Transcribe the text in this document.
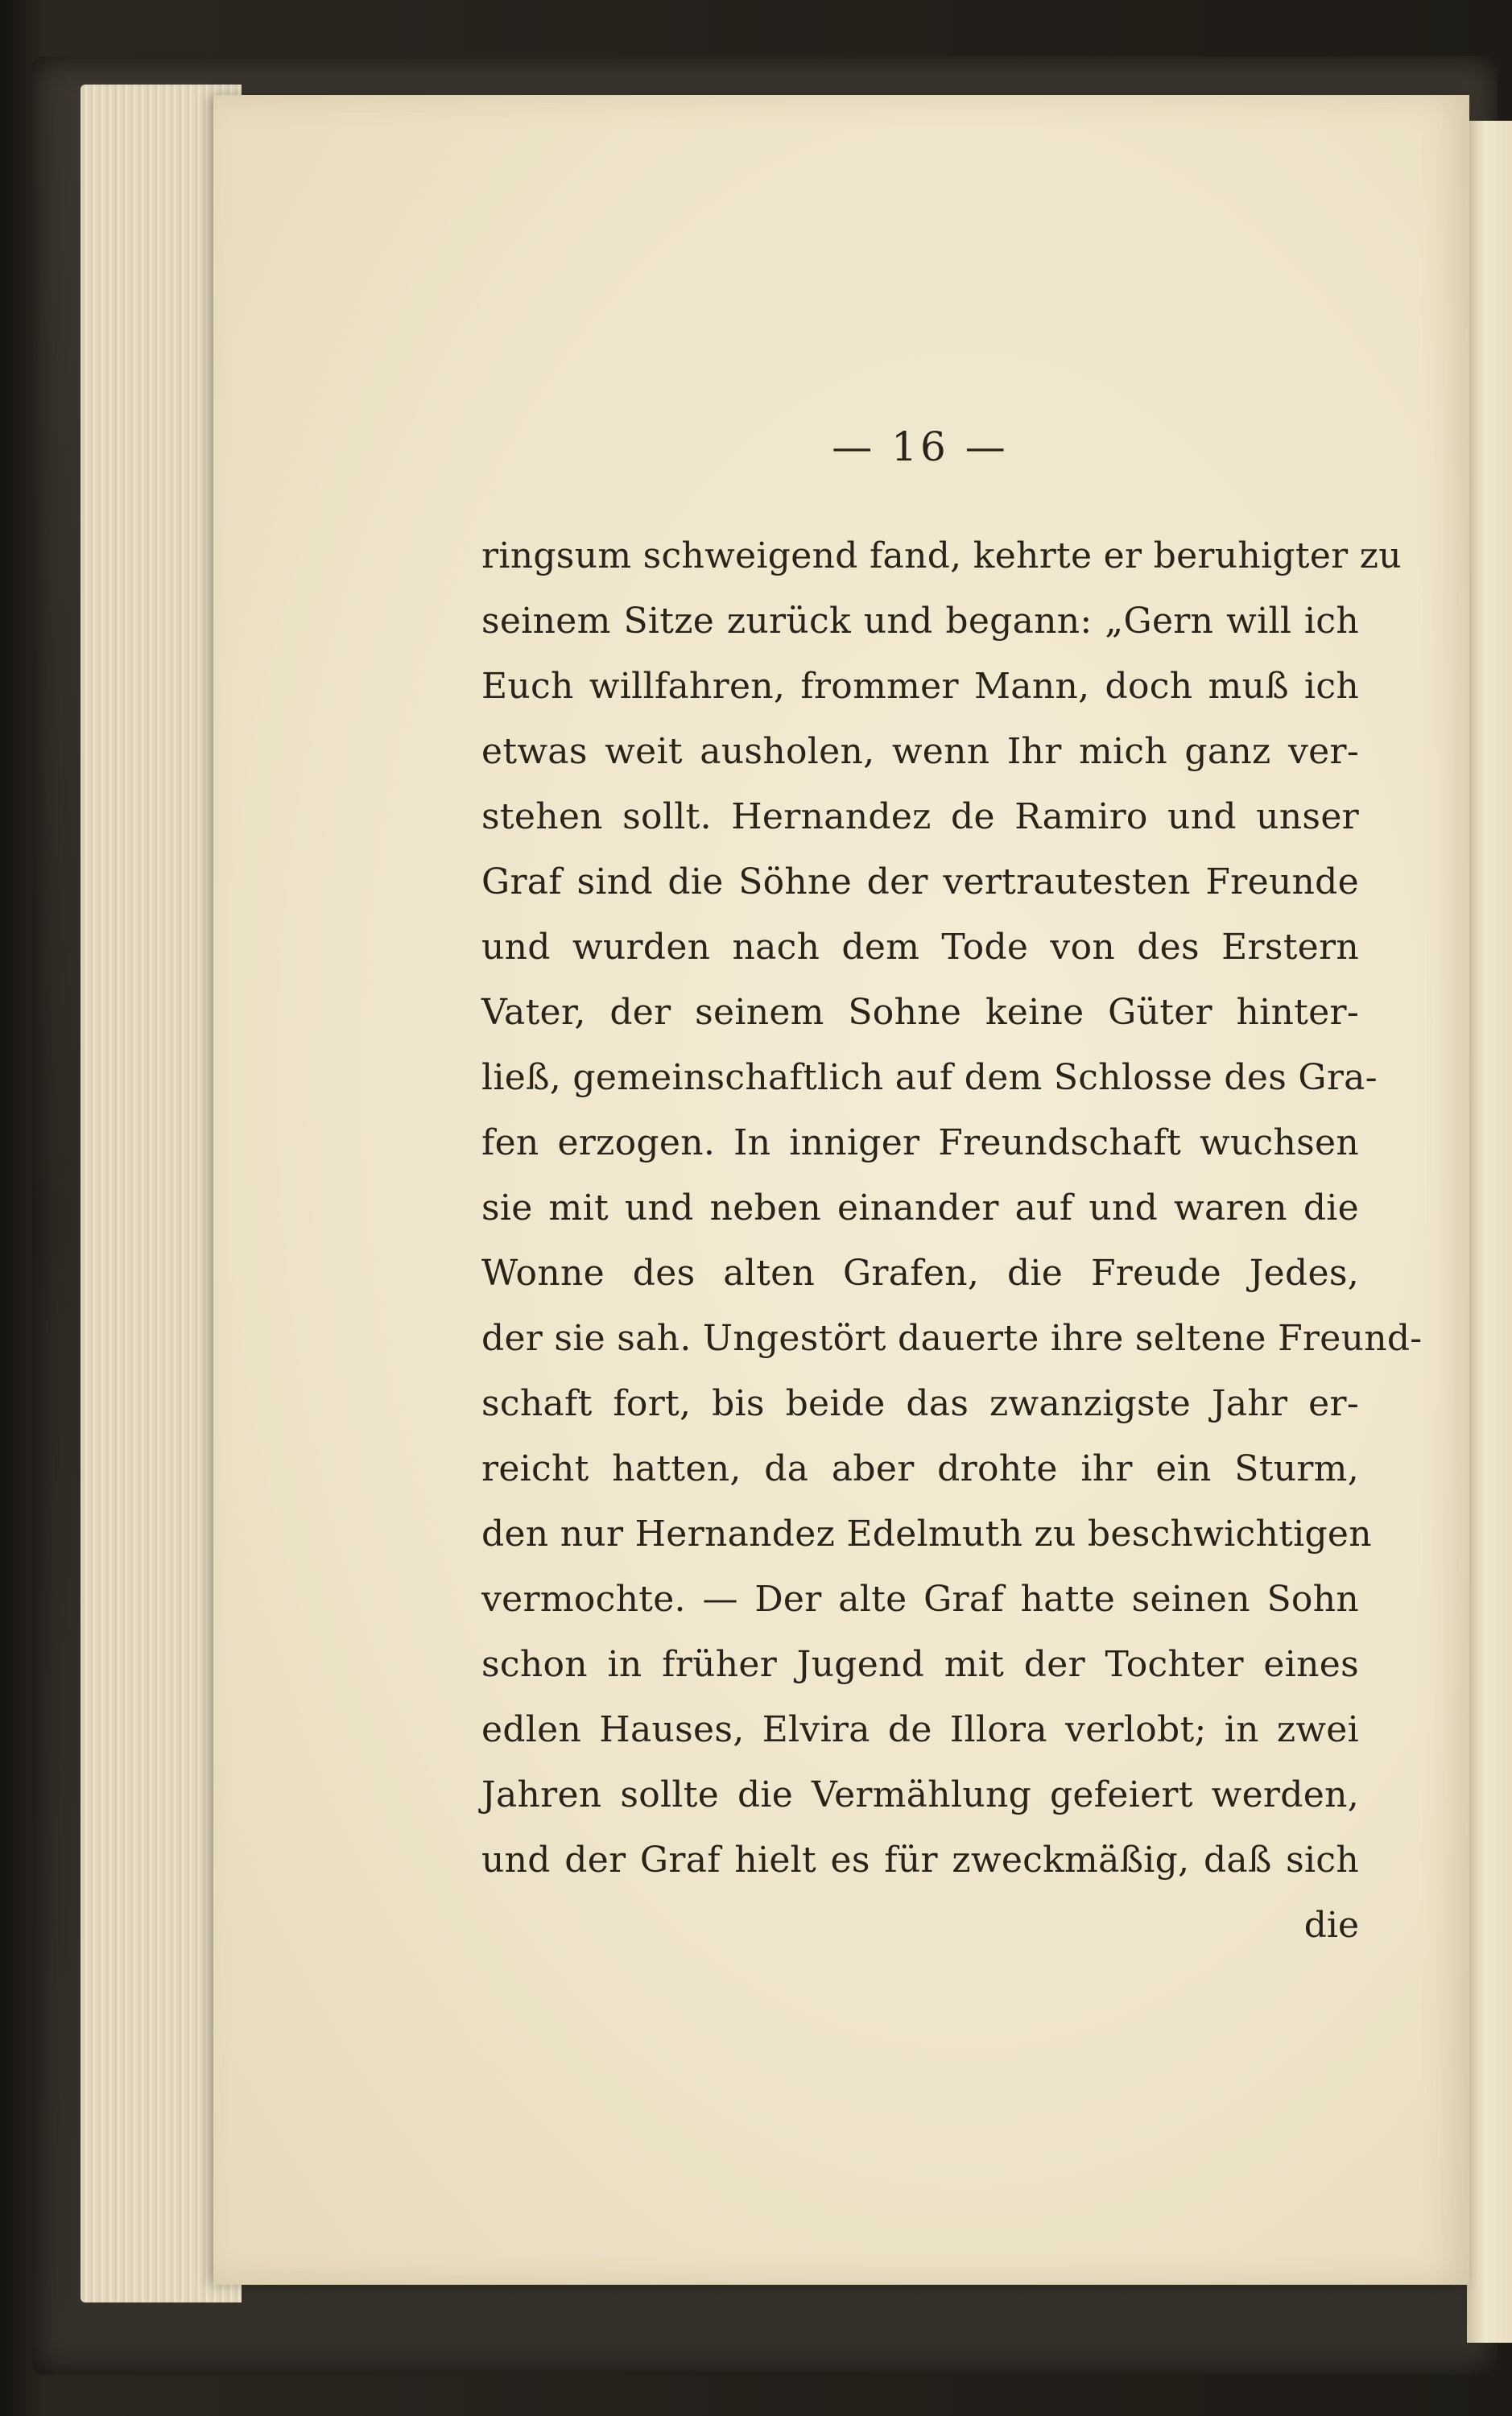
— 16 —
ringsum schweigend fand, kehrte er beruhigter zu
seinem Sitze zurück und begann: „Gern will ich
Euch willfahren, frommer Mann, doch muß ich
etwas weit ausholen, wenn Ihr mich ganz ver-
stehen sollt. Hernandez de Ramiro und unser
Graf sind die Söhne der vertrautesten Freunde
und wurden nach dem Tode von des Erstern
Vater, der seinem Sohne keine Güter hinter-
ließ, gemeinschaftlich auf dem Schlosse des Gra-
fen erzogen. In inniger Freundschaft wuchsen
sie mit und neben einander auf und waren die
Wonne des alten Grafen, die Freude Jedes,
der sie sah. Ungestört dauerte ihre seltene Freund-
schaft fort, bis beide das zwanzigste Jahr er-
reicht hatten, da aber drohte ihr ein Sturm,
den nur Hernandez Edelmuth zu beschwichtigen
vermochte. — Der alte Graf hatte seinen Sohn
schon in früher Jugend mit der Tochter eines
edlen Hauses, Elvira de Illora verlobt; in zwei
Jahren sollte die Vermählung gefeiert werden,
und der Graf hielt es für zweckmäßig, daß sich
die
